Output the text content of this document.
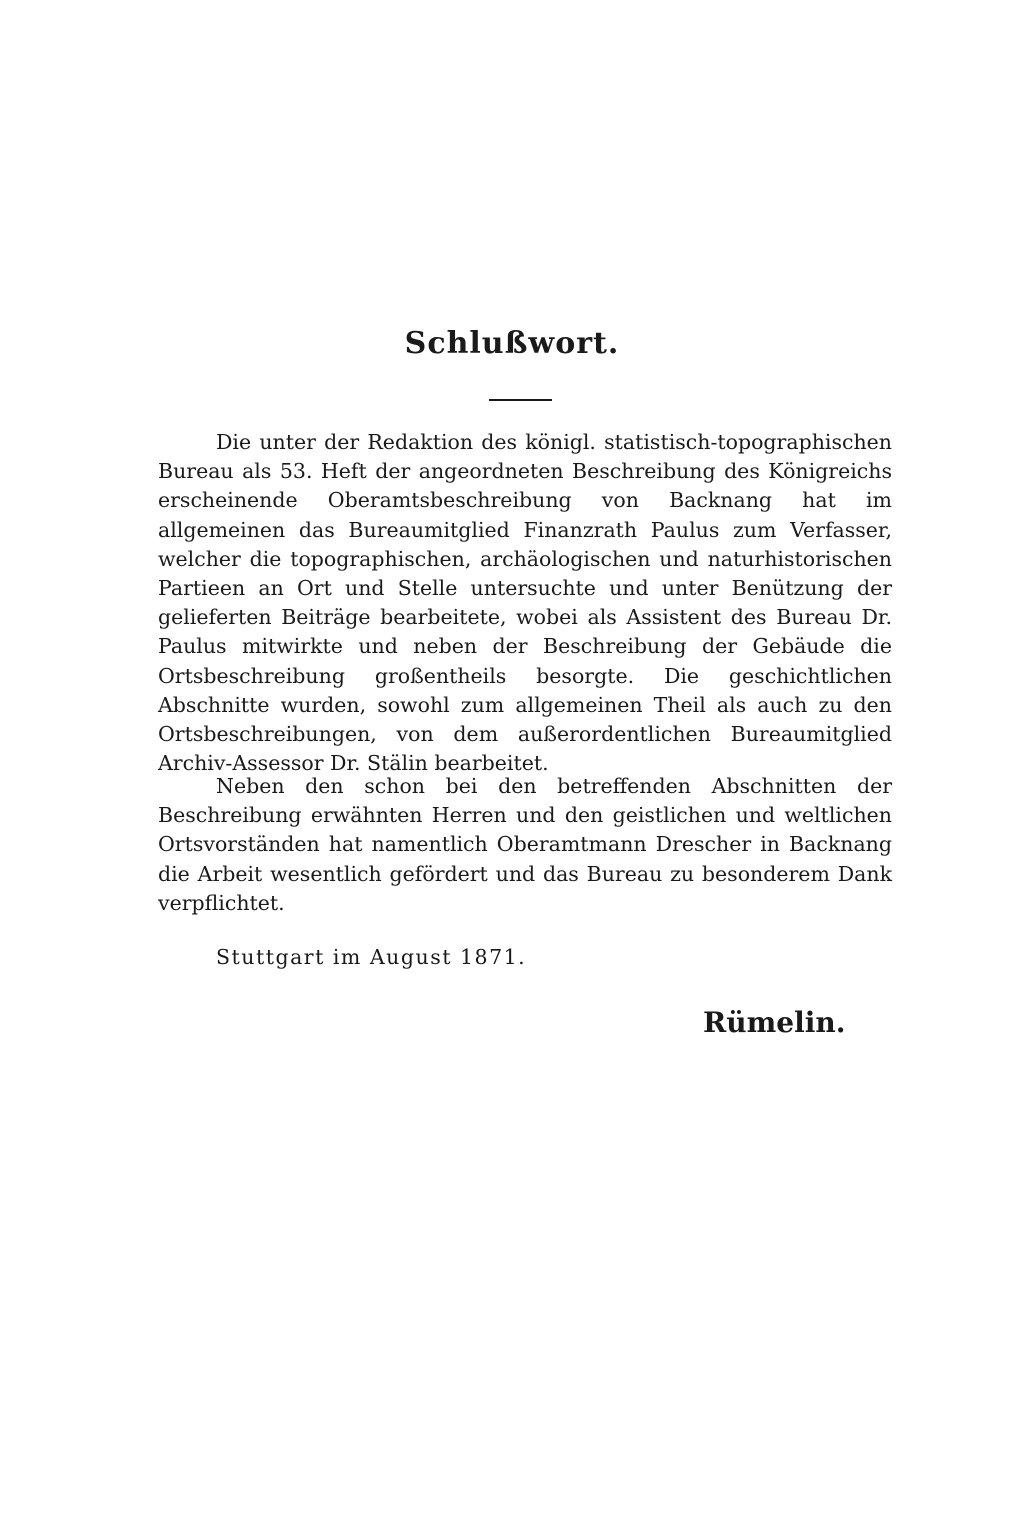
Schlußwort.

Die unter der Redaktion des königl. statistisch-topographischen Bureau als 53. Heft der angeordneten Beschreibung des Königreichs erscheinende Oberamtsbeschreibung von Backnang hat im allgemeinen das Bureaumitglied Finanzrath Paulus zum Verfasser, welcher die topographischen, archäologischen und naturhistorischen Partieen an Ort und Stelle untersuchte und unter Benützung der gelieferten Beiträge bearbeitete, wobei als Assistent des Bureau Dr. Paulus mitwirkte und neben der Beschreibung der Gebäude die Ortsbeschreibung großentheils besorgte. Die geschichtlichen Abschnitte wurden, sowohl zum allgemeinen Theil als auch zu den Ortsbeschreibungen, von dem außerordentlichen Bureaumitglied Archiv-Assessor Dr. Stälin bearbeitet.

Neben den schon bei den betreffenden Abschnitten der Beschreibung erwähnten Herren und den geistlichen und weltlichen Ortsvorständen hat namentlich Oberamtmann Drescher in Backnang die Arbeit wesentlich gefördert und das Bureau zu besonderem Dank verpflichtet.

Stuttgart im August 1871.
Rümelin.
